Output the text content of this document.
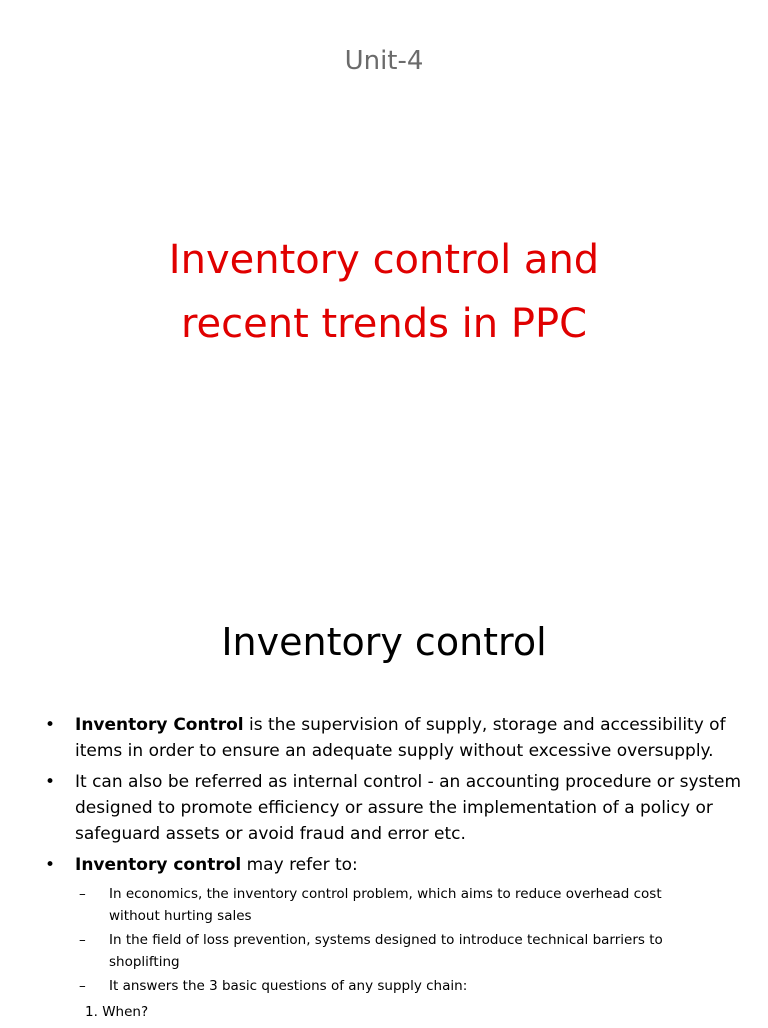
Unit-4
Inventory control and
recent trends in PPC
Inventory control
• Inventory Control is the supervision of supply, storage and accessibility of items in order to ensure an adequate supply without excessive oversupply.
• It can also be referred as internal control - an accounting procedure or system designed to promote efficiency or assure the implementation of a policy or safeguard assets or avoid fraud and error etc.
• Inventory control may refer to:
– In economics, the inventory control problem, which aims to reduce overhead cost without hurting sales
– In the field of loss prevention, systems designed to introduce technical barriers to shoplifting
– It answers the 3 basic questions of any supply chain:
1. When?
